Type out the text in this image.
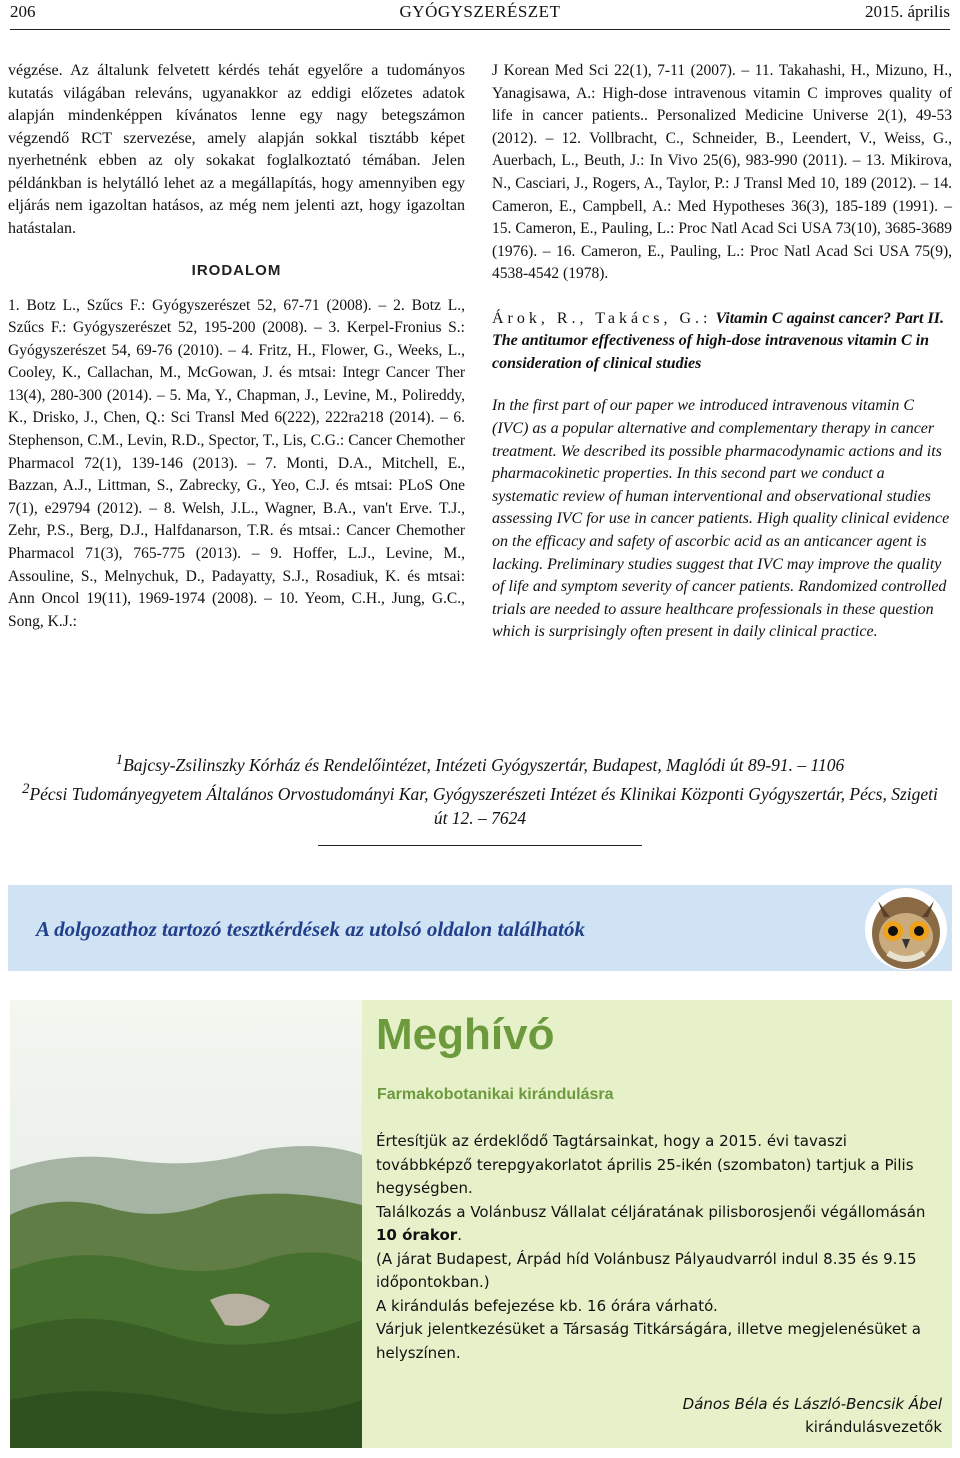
206	GYÓGYSZERÉSZET	2015. április

végzése. Az általunk felvetett kérdés tehát egyelőre a tudományos kutatás világában releváns, ugyanakkor az eddigi előzetes adatok alapján mindenképpen kívánatos lenne egy nagy betegszámon végzendő RCT szervezése, amely alapján sokkal tisztább képet nyerhetnénk ebben az oly sokakat foglalkoztató témában. Jelen példánkban is helytálló lehet az a megállapítás, hogy amennyiben egy eljárás nem igazoltan hatásos, az még nem jelenti azt, hogy igazoltan hatástalan.

IRODALOM
1. Botz L., Szűcs F.: Gyógyszerészet 52, 67-71 (2008). – 2. Botz L., Szűcs F.: Gyógyszerészet 52, 195-200 (2008). – 3. Kerpel-Fronius S.: Gyógyszerészet 54, 69-76 (2010). – 4. Fritz, H., Flower, G., Weeks, L., Cooley, K., Callachan, M., McGowan, J. és mtsai: Integr Cancer Ther 13(4), 280-300 (2014). – 5. Ma, Y., Chapman, J., Levine, M., Polireddy, K., Drisko, J., Chen, Q.: Sci Transl Med 6(222), 222ra218 (2014). – 6. Stephenson, C.M., Levin, R.D., Spector, T., Lis, C.G.: Cancer Chemother Pharmacol 72(1), 139-146 (2013). – 7. Monti, D.A., Mitchell, E., Bazzan, A.J., Littman, S., Zabrecky, G., Yeo, C.J. és mtsai: PLoS One 7(1), e29794 (2012). – 8. Welsh, J.L., Wagner, B.A., van't Erve. T.J., Zehr, P.S., Berg, D.J., Halfdanarson, T.R. és mtsai.: Cancer Chemother Pharmacol 71(3), 765-775 (2013). – 9. Hoffer, L.J., Levine, M., Assouline, S., Melnychuk, D., Padayatty, S.J., Rosadiuk, K. és mtsai: Ann Oncol 19(11), 1969-1974 (2008). – 10. Yeom, C.H., Jung, G.C., Song, K.J.:
J Korean Med Sci 22(1), 7-11 (2007). – 11. Takahashi, H., Mizuno, H., Yanagisawa, A.: High-dose intravenous vitamin C improves quality of life in cancer patients.. Personalized Medicine Universe 2(1), 49-53 (2012). – 12. Vollbracht, C., Schneider, B., Leendert, V., Weiss, G., Auerbach, L., Beuth, J.: In Vivo 25(6), 983-990 (2011). – 13. Mikirova, N., Casciari, J., Rogers, A., Taylor, P.: J Transl Med 10, 189 (2012). – 14. Cameron, E., Campbell, A.: Med Hypotheses 36(3), 185-189 (1991). – 15. Cameron, E., Pauling, L.: Proc Natl Acad Sci USA 73(10), 3685-3689 (1976). – 16. Cameron, E., Pauling, L.: Proc Natl Acad Sci USA 75(9), 4538-4542 (1978).
Árok, R., Takács, G.: Vitamin C against cancer? Part II. The antitumor effectiveness of high-dose intravenous vitamin C in consideration of clinical studies
In the first part of our paper we introduced intravenous vitamin C (IVC) as a popular alternative and complementary therapy in cancer treatment. We described its possible pharmacodynamic actions and its pharmacokinetic properties. In this second part we conduct a systematic review of human interventional and observational studies assessing IVC for use in cancer patients. High quality clinical evidence on the efficacy and safety of ascorbic acid as an anticancer agent is lacking. Preliminary studies suggest that IVC may improve the quality of life and symptom severity of cancer patients. Randomized controlled trials are needed to assure healthcare professionals in these question which is surprisingly often present in daily clinical practice.
$^1$Bajcsy-Zsilinszky Kórház és Rendelőintézet, Intézeti Gyógyszertár, Budapest, Maglódi út 89-91. – 1106
$^2$Pécsi Tudományegyetem Általános Orvostudományi Kar, Gyógyszerészeti Intézet és Klinikai Központi Gyógyszertár, Pécs, Szigeti út 12. – 7624
A dolgozathoz tartozó tesztkérdések az utolsó oldalon találhatók
Meghívó
Farmakobotanikai kirándulásra
Értesítjük az érdeklődő Tagtársainkat, hogy a 2015. évi tavaszi továbbképző terepgyakorlatot április 25-ikén (szombaton) tartjuk a Pilis hegységben.
Találkozás a Volánbusz Vállalat céljáratának pilisborosjenői végállomásán 10 órakor.
(A járat Budapest, Árpád híd Volánbusz Pályaudvarról indul 8.35 és 9.15 időpontokban.)
A kirándulás befejezése kb. 16 órára várható.
Várjuk jelentkezésüket a Társaság Titkárságára, illetve megjelenésüket a helyszínen.
Dános Béla és László-Bencsik Ábel
kirándulásvezetők
